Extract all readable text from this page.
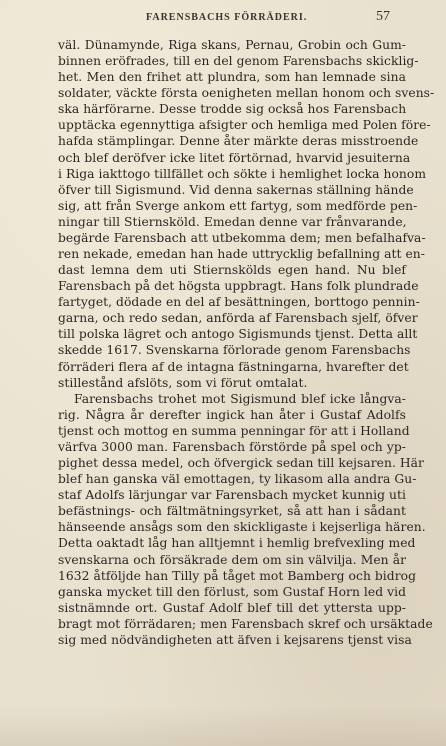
FARENSBACHS FÖRRÄDERI.	57
väl. Dünamynde, Riga skans, Pernau, Grobin och Gum-
binnen eröfrades, till en del genom Farensbachs skicklig-
het. Men den frihet att plundra, som han lemnade sina
soldater, väckte första oenigheten mellan honom och svens-
ska härförarne. Desse trodde sig också hos Farensbach
upptäcka egennyttiga afsigter och hemliga med Polen före-
hafda stämplingar. Denne åter märkte deras misstroende
och blef deröfver icke litet förtörnad, hvarvid jesuiterna
i Riga iakttogo tillfället och sökte i hemlighet locka honom
öfver till Sigismund. Vid denna sakernas ställning hände
sig, att från Sverge ankom ett fartyg, som medförde pen-
ningar till Stiernsköld. Emedan denne var frånvarande,
begärde Farensbach att utbekomma dem; men befalhafva-
ren nekade, emedan han hade uttrycklig befallning att en-
dast lemna dem uti Stiernskölds egen hand. Nu blef
Farensbach på det högsta uppbragt. Hans folk plundrade
fartyget, dödade en del af besättningen, borttogo pennin-
garna, och redo sedan, anförda af Farensbach sjelf, öfver
till polska lägret och antogo Sigismunds tjenst. Detta allt
skedde 1617. Svenskarna förlorade genom Farensbachs
förräderi flera af de intagna fästningarna, hvarefter det
stillestånd afslöts, som vi förut omtalat.
Farensbachs trohet mot Sigismund blef icke långva-
rig. Några år derefter ingick han åter i Gustaf Adolfs
tjenst och mottog en summa penningar för att i Holland
värfva 3000 man. Farensbach förstörde på spel och yp-
pighet dessa medel, och öfvergick sedan till kejsaren. Här
blef han ganska väl emottagen, ty likasom alla andra Gu-
staf Adolfs lärjungar var Farensbach mycket kunnig uti
befästnings- och fältmätningsyrket, så att han i sådant
hänseende ansågs som den skickligaste i kejserliga hären.
Detta oaktadt låg han alltjemnt i hemlig brefvexling med
svenskarna och försäkrade dem om sin välvilja. Men år
1632 åtföljde han Tilly på tåget mot Bamberg och bidrog
ganska mycket till den förlust, som Gustaf Horn led vid
sistnämnde ort. Gustaf Adolf blef till det yttersta upp-
bragt mot förrädaren; men Farensbach skref och ursäktade
sig med nödvändigheten att äfven i kejsarens tjenst visa
